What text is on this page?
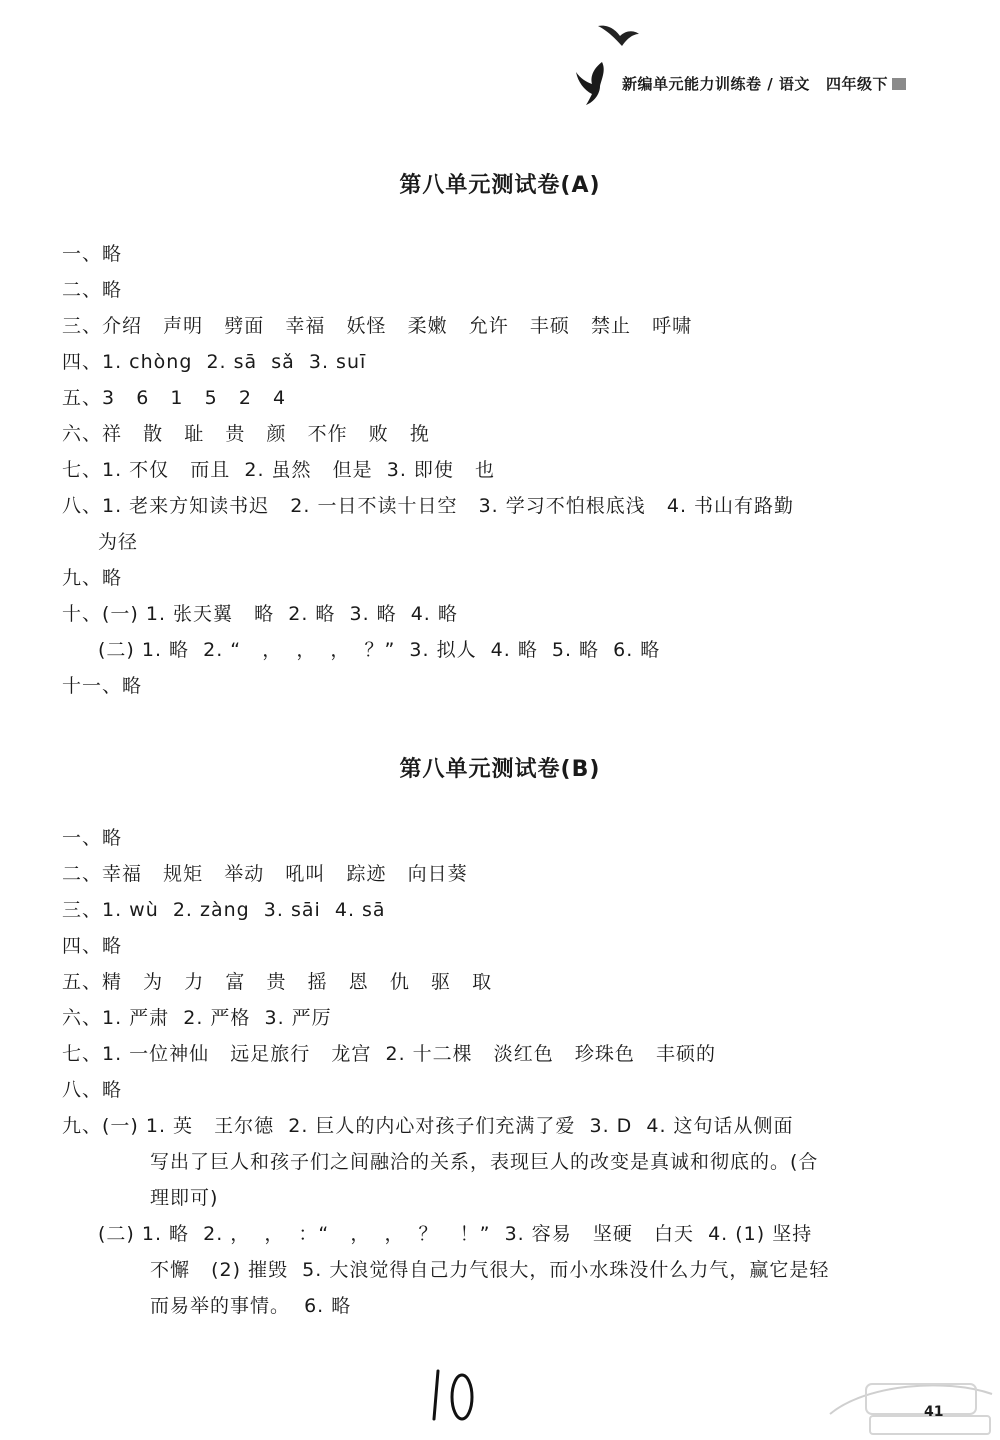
新编单元能力训练卷 / 语文 四年级下
第八单元测试卷(A)
一、略
二、略
三、介绍   声明   劈面   幸福   妖怪   柔嫩   允许   丰硕   禁止   呼啸
四、1. chòng  2. sā  sǎ  3. suī
五、3   6   1   5   2   4
六、祥   散   耻   贵   颜   不作   败   挽
七、1. 不仅   而且  2. 虽然   但是  3. 即使   也
八、1. 老来方知读书迟   2. 一日不读十日空   3. 学习不怕根底浅   4. 书山有路勤
为径
九、略
十、(一) 1. 张天翼   略  2. 略  3. 略  4. 略
(二) 1. 略  2. “   ，  ，  ，  ？”  3. 拟人  4. 略  5. 略  6. 略
十一、略
第八单元测试卷(B)
一、略
二、幸福   规矩   举动   吼叫   踪迹   向日葵
三、1. wù  2. zàng  3. sāi  4. sā
四、略
五、精   为   力   富   贵   摇   恩   仇   驱   取
六、1. 严肃  2. 严格  3. 严厉
七、1. 一位神仙   远足旅行   龙宫  2. 十二棵   淡红色   珍珠色   丰硕的
八、略
九、(一) 1. 英   王尔德  2. 巨人的内心对孩子们充满了爱  3. D  4. 这句话从侧面
写出了巨人和孩子们之间融洽的关系，表现巨人的改变是真诚和彻底的。(合
理即可)
(二) 1. 略  2. ，  ，  ：“   ，  ，  ？   ！”  3. 容易   坚硬   白天  4. (1) 坚持
不懈   (2) 摧毁  5. 大浪觉得自己力气很大，而小水珠没什么力气，赢它是轻
而易举的事情。  6. 略
41
